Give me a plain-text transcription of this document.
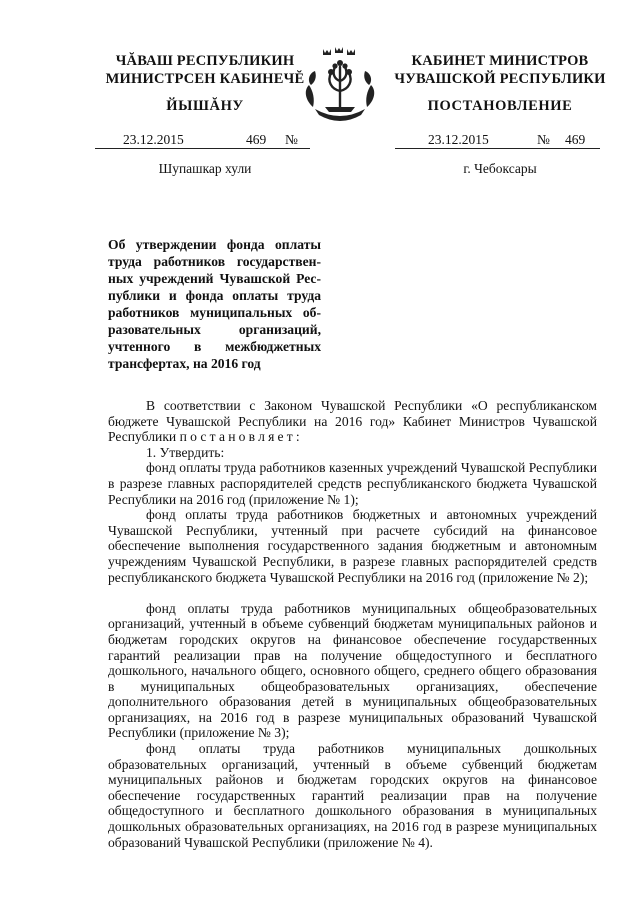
ЧĂВАШ РЕСПУБЛИКИН
МИНИСТРСЕН КАБИНЕЧĔ
ЙЫШĂНУ
23.12.2015	469 №
Шупашкар хули
КАБИНЕТ МИНИСТРОВ
ЧУВАШСКОЙ РЕСПУБЛИКИ
ПОСТАНОВЛЕНИЕ
23.12.2015	№ 469
г. Чебоксары
Об утверждении фонда оплаты
труда работников государствен-
ных учреждений Чувашской Рес-
публики и фонда оплаты труда
работников муниципальных об-
разовательных организаций,
учтенного в межбюджетных
трансфертах, на 2016 год

В соответствии с Законом Чувашской Республики «О республиканском бюджете Чувашской Республики на 2016 год» Кабинет Министров Чувашской Республики постановляет:

1. Утвердить:

фонд оплаты труда работников казенных учреждений Чувашской Республики в разрезе главных распорядителей средств республиканского бюджета Чувашской Республики на 2016 год (приложение № 1);

фонд оплаты труда работников бюджетных и автономных учреждений Чувашской Республики, учтенный при расчете субсидий на финансовое обеспечение выполнения государственного задания бюджетным и автономным учреждениям Чувашской Республики, в разрезе главных распорядителей средств республиканского бюджета Чувашской Республики на 2016 год (приложение № 2);

фонд оплаты труда работников муниципальных общеобразовательных организаций, учтенный в объеме субвенций бюджетам муниципальных районов и бюджетам городских округов на финансовое обеспечение государственных гарантий реализации прав на получение общедоступного и бесплатного дошкольного, начального общего, основного общего, среднего общего образования в муниципальных общеобразовательных организациях, обеспечение дополнительного образования детей в муниципальных общеобразовательных организациях, на 2016 год в разрезе муниципальных образований Чувашской Республики (приложение № 3);

фонд оплаты труда работников муниципальных дошкольных образовательных организаций, учтенный в объеме субвенций бюджетам муниципальных районов и бюджетам городских округов на финансовое обеспечение государственных гарантий реализации прав на получение общедоступного и бесплатного дошкольного образования в муниципальных дошкольных образовательных организациях, на 2016 год в разрезе муниципальных образований Чувашской Республики (приложение № 4).
